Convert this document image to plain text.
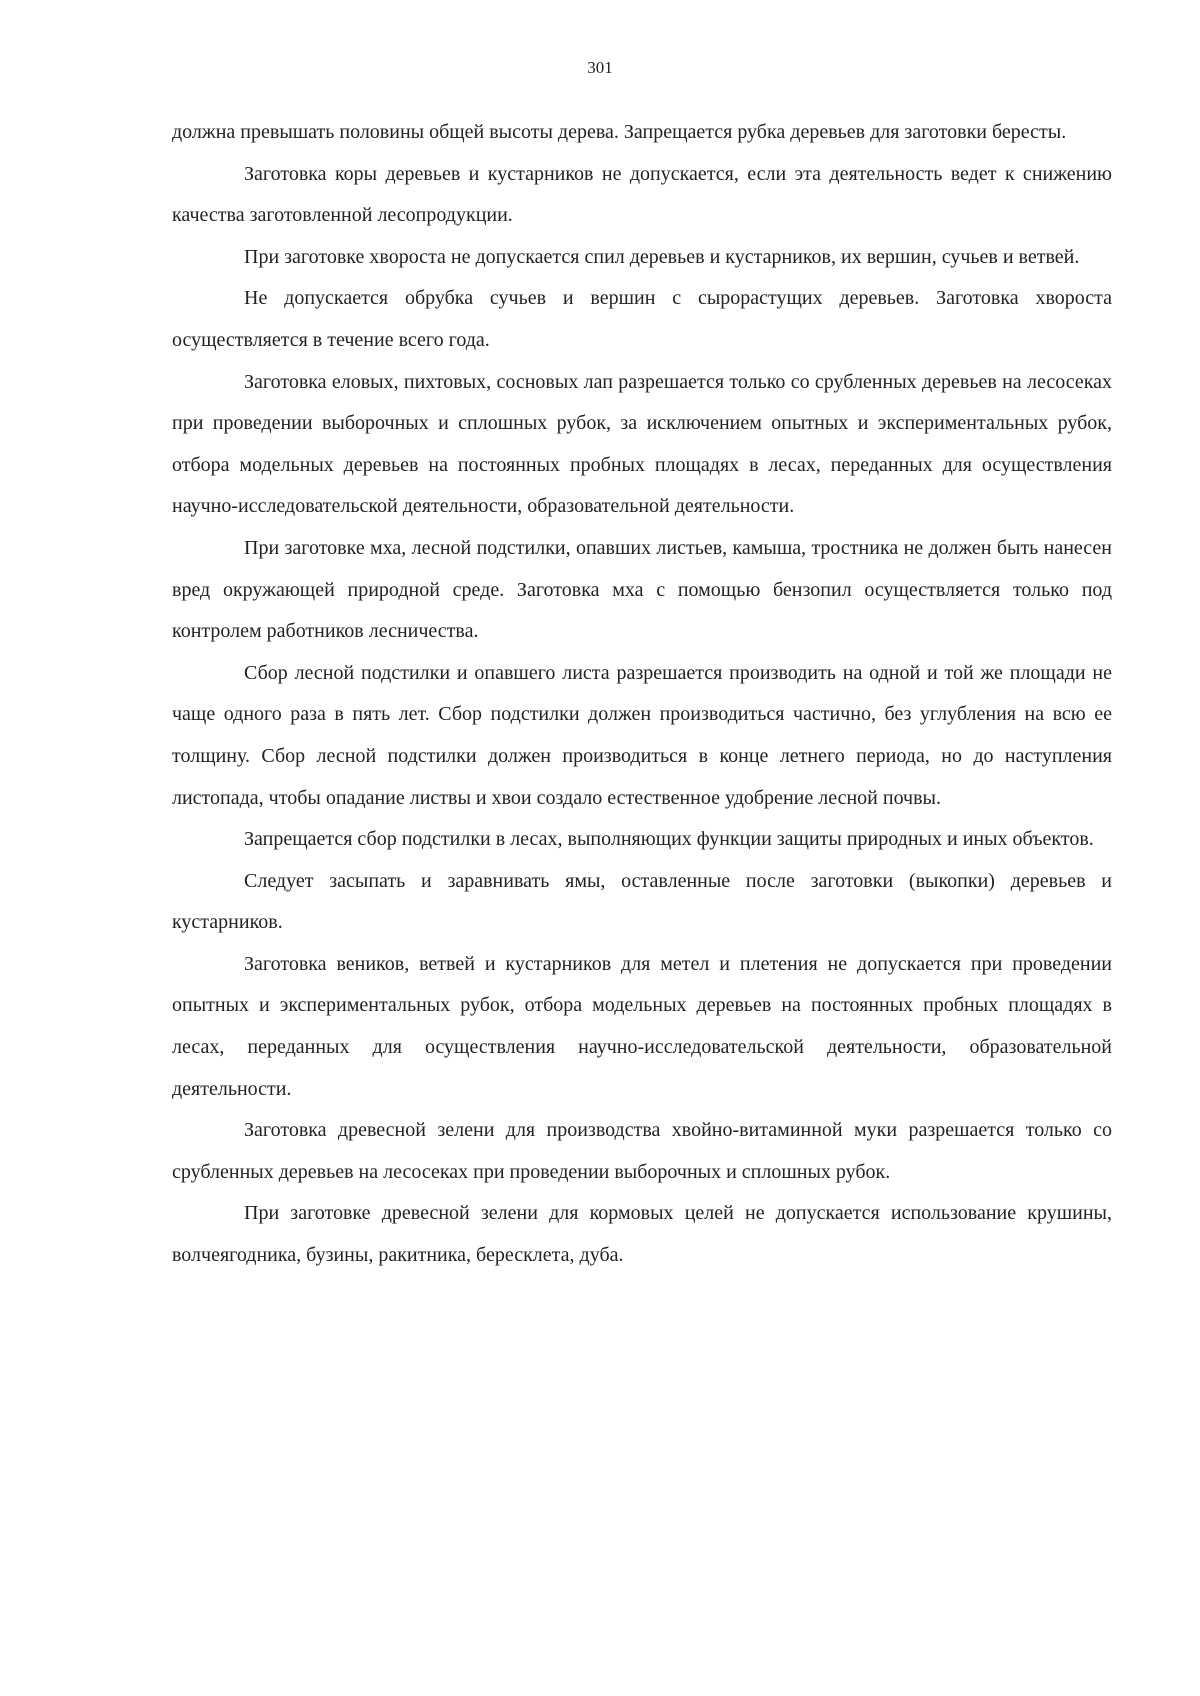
301

должна превышать половины общей высоты дерева. Запрещается рубка деревьев для заготовки бересты.

Заготовка коры деревьев и кустарников не допускается, если эта деятельность ведет к снижению качества заготовленной лесопродукции.

При заготовке хвороста не допускается спил деревьев и кустарников, их вершин, сучьев и ветвей.

Не допускается обрубка сучьев и вершин с сырорастущих деревьев. Заготовка хвороста осуществляется в течение всего года.

Заготовка еловых, пихтовых, сосновых лап разрешается только со срубленных деревьев на лесосеках при проведении выборочных и сплошных рубок, за исключением опытных и экспериментальных рубок, отбора модельных деревьев на постоянных пробных площадях в лесах, переданных для осуществления научно-исследовательской деятельности, образовательной деятельности.

При заготовке мха, лесной подстилки, опавших листьев, камыша, тростника не должен быть нанесен вред окружающей природной среде. Заготовка мха с помощью бензопил осуществляется только под контролем работников лесничества.

Сбор лесной подстилки и опавшего листа разрешается производить на одной и той же площади не чаще одного раза в пять лет. Сбор подстилки должен производиться частично, без углубления на всю ее толщину. Сбор лесной подстилки должен производиться в конце летнего периода, но до наступления листопада, чтобы опадание листвы и хвои создало естественное удобрение лесной почвы.

Запрещается сбор подстилки в лесах, выполняющих функции защиты природных и иных объектов.

Следует засыпать и заравнивать ямы, оставленные после заготовки (выкопки) деревьев и кустарников.

Заготовка веников, ветвей и кустарников для метел и плетения не допускается при проведении опытных и экспериментальных рубок, отбора модельных деревьев на постоянных пробных площадях в лесах, переданных для осуществления научно-исследовательской деятельности, образовательной деятельности.

Заготовка древесной зелени для производства хвойно-витаминной муки разрешается только со срубленных деревьев на лесосеках при проведении выборочных и сплошных рубок.

При заготовке древесной зелени для кормовых целей не допускается использование крушины, волчеягодника, бузины, ракитника, бересклета, дуба.
